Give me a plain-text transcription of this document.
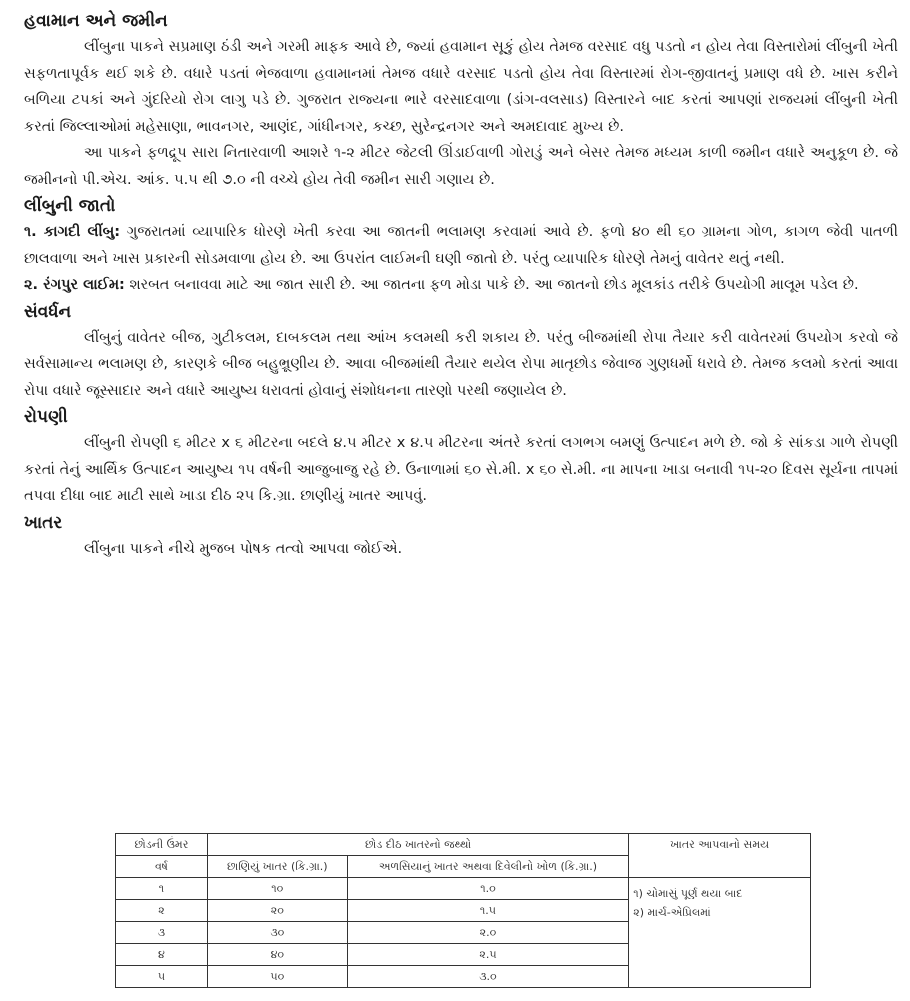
હવામાન અને જમીન

લીંબુના પાકને સપ્રમાણ ઠંડી અને ગરમી માફક આવે છે, જ્યાં હવામાન સૂકું હોય તેમજ વરસાદ વધુ પડતો ન હોય તેવા વિસ્તારોમાં લીંબુની ખેતી સફળતાપૂર્વક થઈ શકે છે. વધારે પડતાં ભેજવાળા હવામાનમાં તેમજ વધારે વરસાદ પડતો હોય તેવા વિસ્તારમાં રોગ-જીવાતનું પ્રમાણ વધે છે. ખાસ કરીને બળિયા ટપકાં અને ગુંદરિયો રોગ લાગુ પડે છે. ગુજરાત રાજ્યના ભારે વરસાદવાળા (ડાંગ-વલસાડ) વિસ્તારને બાદ કરતાં આપણાં રાજયમાં લીંબુની ખેતી કરતાં જિલ્લાઓમાં મહેસાણા, ભાવનગર, આણંદ, ગાંધીનગર, કચ્છ, સુરેન્દ્રનગર અને અમદાવાદ મુખ્ય છે.

આ પાકને ફળદ્રૂપ સારા નિતારવાળી આશરે ૧-૨ મીટર જેટલી ઊંડાઈવાળી ગોરાડું અને બેસર તેમજ મધ્યમ કાળી જમીન વધારે અનુકૂળ છે. જે જમીનનો પી.એચ. આંક. ૫.૫ થી ૭.૦ ની વચ્ચે હોય તેવી જમીન સારી ગણાય છે.

લીંબુની જાતો

૧. કાગદી લીંબુ: ગુજરાતમાં વ્યાપારિક ધોરણે ખેતી કરવા આ જાતની ભલામણ કરવામાં આવે છે. ફળો ૪૦ થી ૬૦ ગ્રામના ગોળ, કાગળ જેવી પાતળી છાલવાળા અને ખાસ પ્રકારની સોડમવાળા હોય છે. આ ઉપરાંત લાઈમની ઘણી જાતો છે. પરંતુ વ્યાપારિક ધોરણે તેમનું વાવેતર થતું નથી.

૨. રંગપુર લાઈમ: શરબત બનાવવા માટે આ જાત સારી છે. આ જાતના ફળ મોડા પાકે છે. આ જાતનો છોડ મૂલકાંડ તરીકે ઉપયોગી માલૂમ પડેલ છે.

સંવર્ધન

લીંબુનું વાવેતર બીજ, ગુટીકલમ, દાબકલમ તથા આંખ કલમથી કરી શકાય છે. પરંતુ બીજમાંથી રોપા તૈયાર કરી વાવેતરમાં ઉપયોગ કરવો જે સર્વસામાન્ય ભલામણ છે, કારણકે બીજ બહુભ્રૂણીય છે. આવા બીજમાંથી તૈયાર થયેલ રોપા માતૃછોડ જેવાજ ગુણધર્મો ધરાવે છે. તેમજ કલમો કરતાં આવા રોપા વધારે જૂસ્સાદાર અને વધારે આયુષ્ય ધરાવતાં હોવાનું સંશોધનના તારણો પરથી જણાયેલ છે.

રોપણી

લીંબુની રોપણી ૬ મીટર x ૬ મીટરના બદલે ૪.૫ મીટર x ૪.૫ મીટરના અંતરે કરતાં લગભગ બમણું ઉત્પાદન મળે છે. જો કે સાંકડા ગાળે રોપણી કરતાં તેનું આર્થિક ઉત્પાદન આયુષ્ય ૧૫ વર્ષની આજુબાજુ રહે છે. ઉનાળામાં ૬૦ સે.મી. x ૬૦ સે.મી. ના માપના ખાડા બનાવી ૧૫-૨૦ દિવસ સૂર્યના તાપમાં તપવા દીધા બાદ માટી સાથે ખાડા દીઠ ૨૫ કિ.ગ્રા. છાણીયું ખાતર આપવું.

ખાતર

લીંબુના પાકને નીચે મુજબ પોષક તત્વો આપવા જોઈએ.

છોડની ઉંમર	છોડ દીઠ ખાતરનો જથ્થો		ખાતર આપવાનો સમય
વર્ષ	છાણિયું ખાતર (કિ.ગ્રા.)	અળસિયાનું ખાતર અથવા દિવેલીનો ખોળ (કિ.ગ્રા.)	
૧	૧૦	૧.૦	૧) ચોમાસું પૂર્ણ થયા બાદ
૨) માર્ચ-એપ્રિલમાં

૨	૨૦	૧.૫	
૩	૩૦	૨.૦	
૪	૪૦	૨.૫	
૫	૫૦	૩.૦	
